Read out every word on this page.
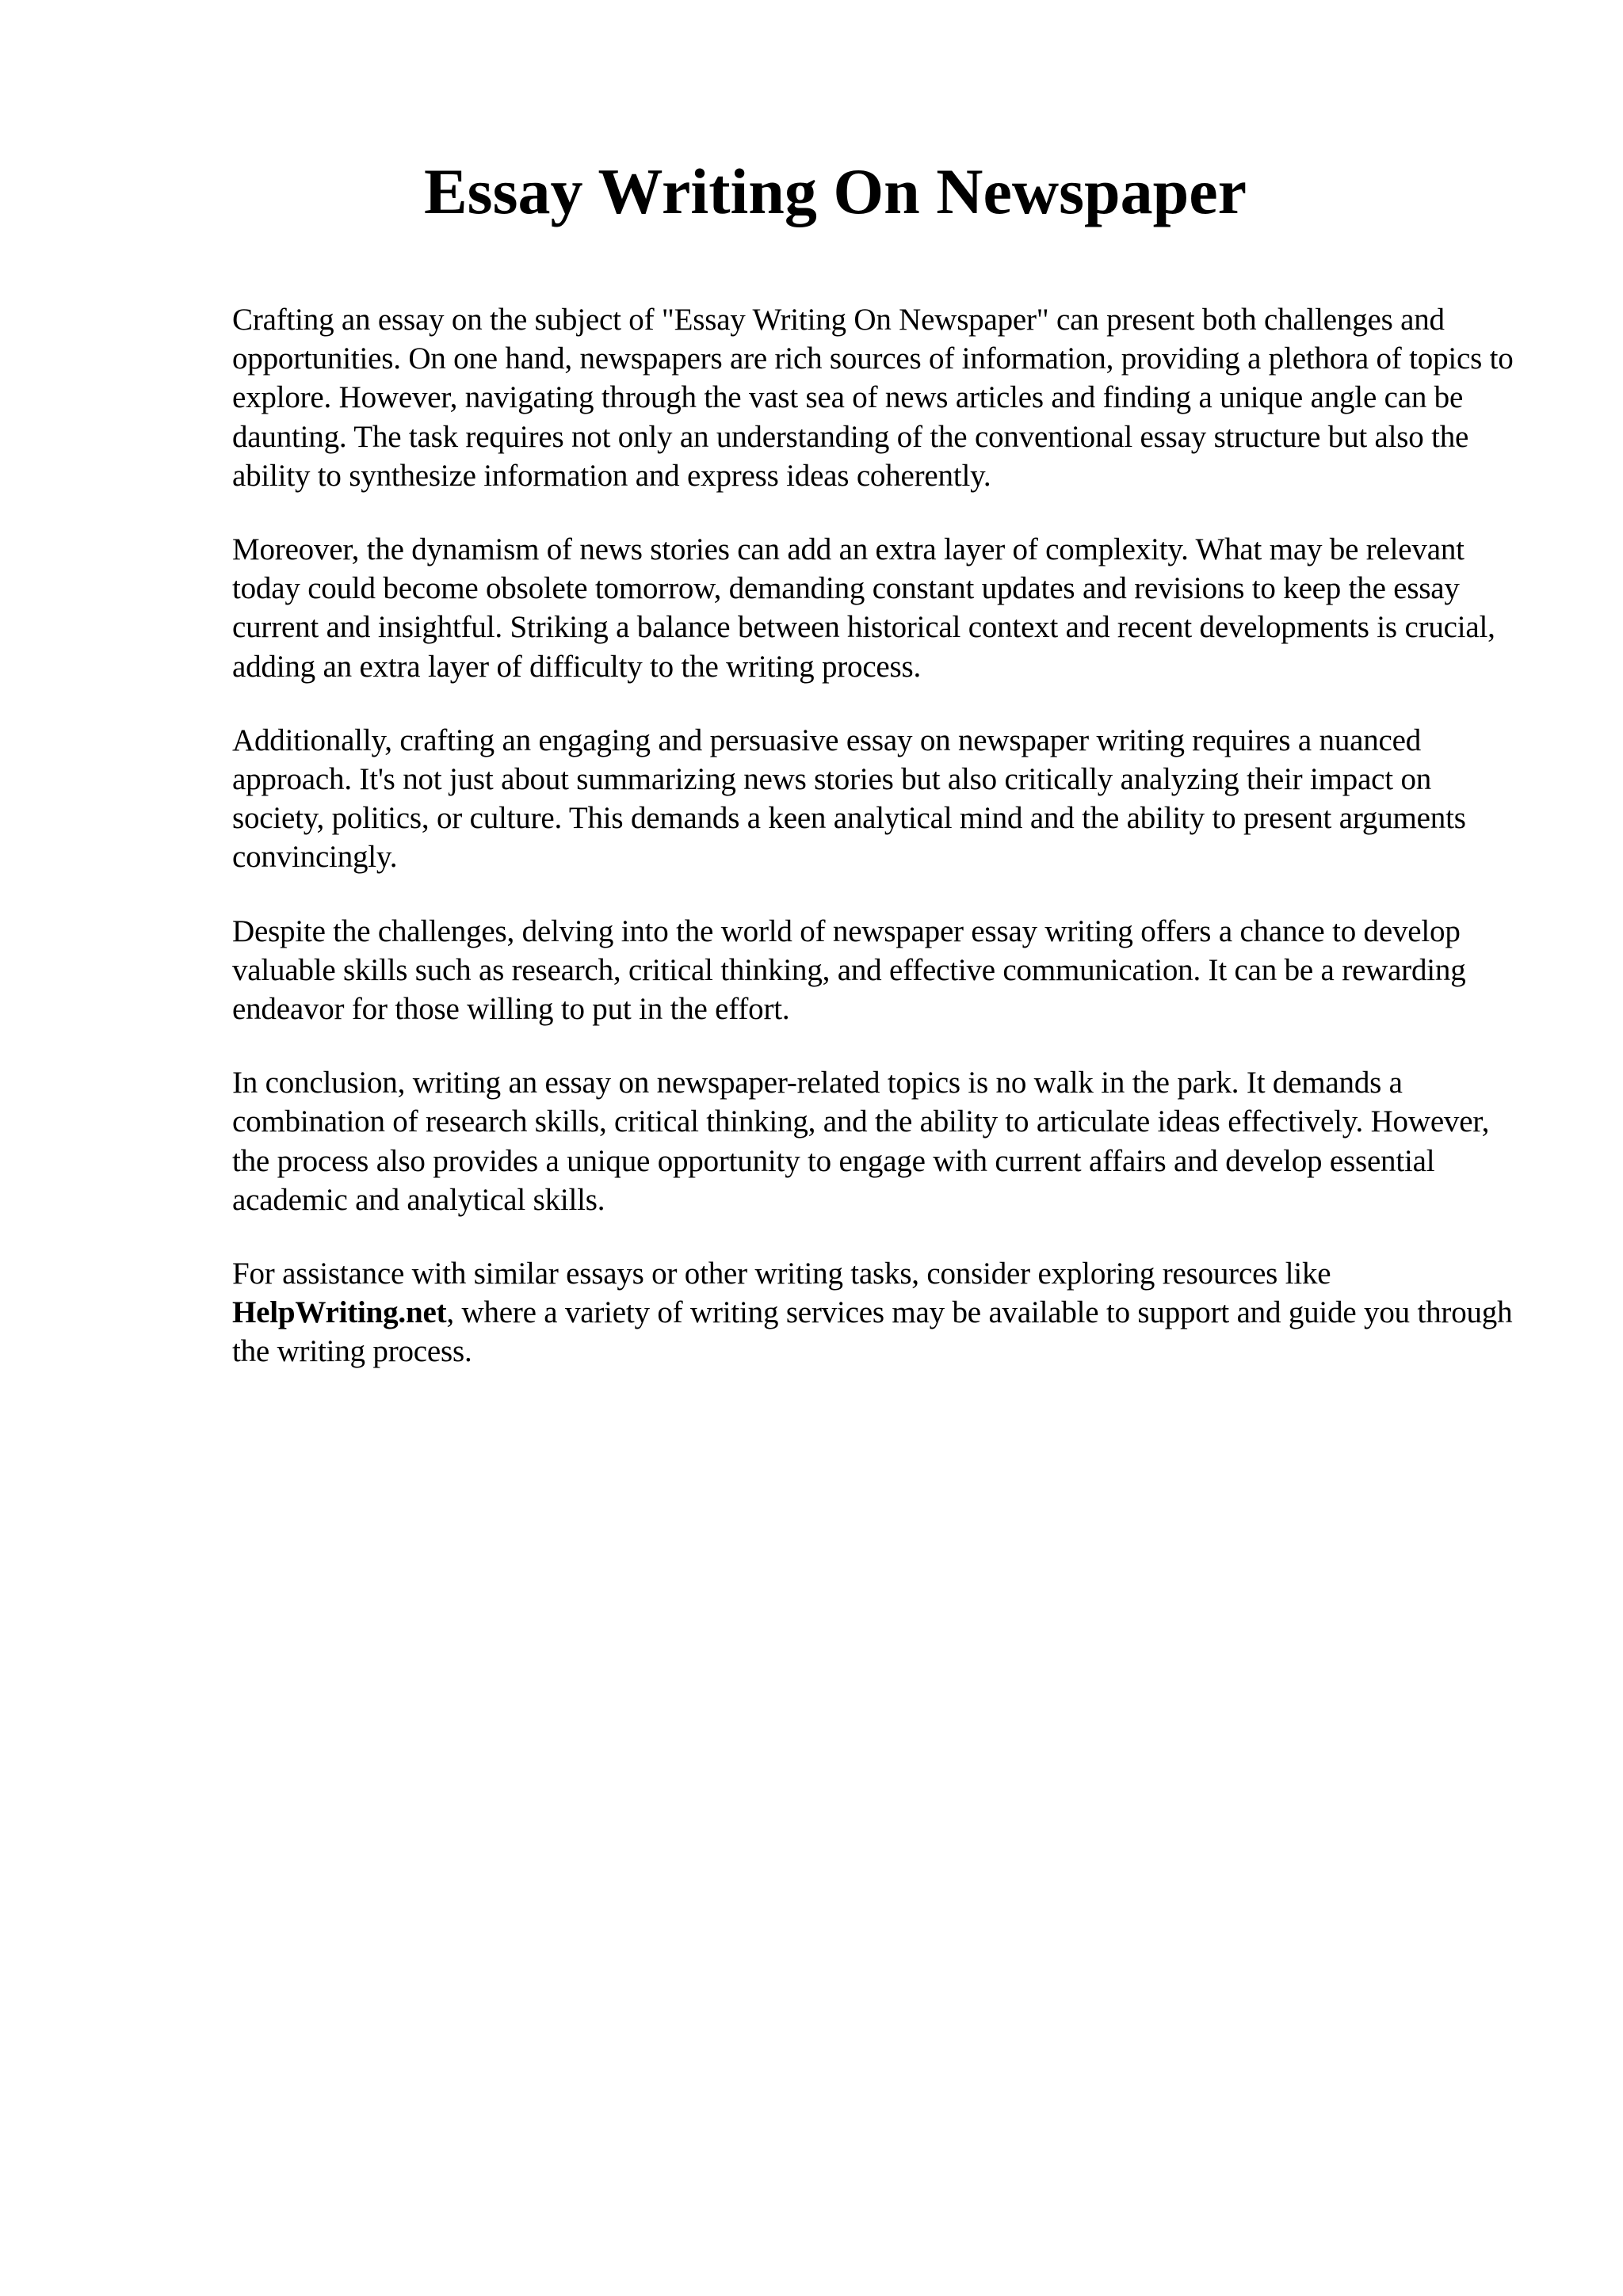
Essay Writing On Newspaper

Crafting an essay on the subject of "Essay Writing On Newspaper" can present both challenges and opportunities. On one hand, newspapers are rich sources of information, providing a plethora of topics to explore. However, navigating through the vast sea of news articles and finding a unique angle can be daunting. The task requires not only an understanding of the conventional essay structure but also the ability to synthesize information and express ideas coherently.

Moreover, the dynamism of news stories can add an extra layer of complexity. What may be relevant today could become obsolete tomorrow, demanding constant updates and revisions to keep the essay current and insightful. Striking a balance between historical context and recent developments is crucial, adding an extra layer of difficulty to the writing process.

Additionally, crafting an engaging and persuasive essay on newspaper writing requires a nuanced approach. It's not just about summarizing news stories but also critically analyzing their impact on society, politics, or culture. This demands a keen analytical mind and the ability to present arguments convincingly.

Despite the challenges, delving into the world of newspaper essay writing offers a chance to develop valuable skills such as research, critical thinking, and effective communication. It can be a rewarding endeavor for those willing to put in the effort.

In conclusion, writing an essay on newspaper-related topics is no walk in the park. It demands a combination of research skills, critical thinking, and the ability to articulate ideas effectively. However, the process also provides a unique opportunity to engage with current affairs and develop essential academic and analytical skills.

For assistance with similar essays or other writing tasks, consider exploring resources like HelpWriting.net, where a variety of writing services may be available to support and guide you through the writing process.
